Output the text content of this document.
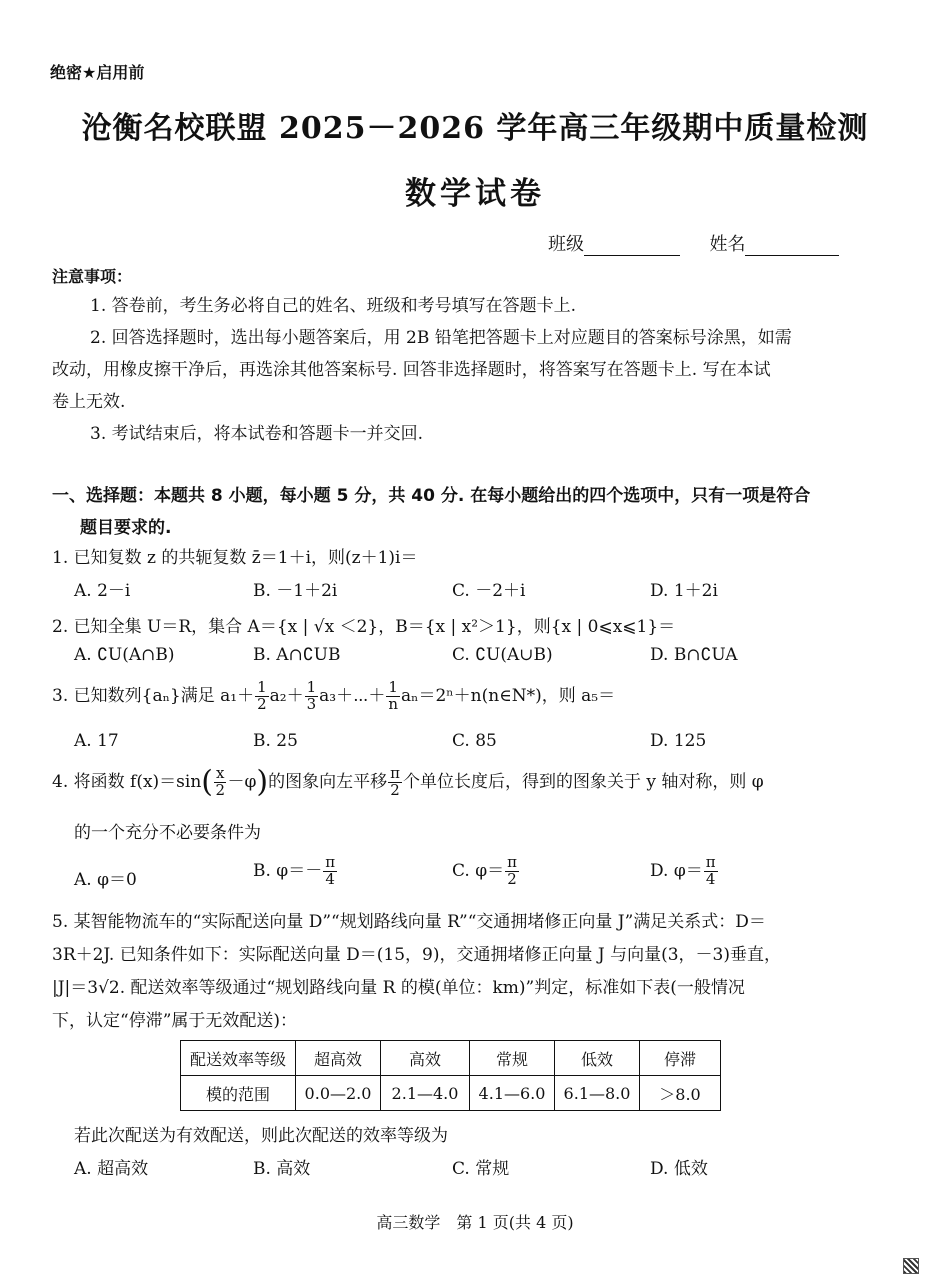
绝密★启用前
沧衡名校联盟 2025－2026 学年高三年级期中质量检测
数学试卷
班级	姓名
注意事项：
1. 答卷前，考生务必将自己的姓名、班级和考号填写在答题卡上.
2. 回答选择题时，选出每小题答案后，用 2B 铅笔把答题卡上对应题目的答案标号涂黑，如需
改动，用橡皮擦干净后，再选涂其他答案标号. 回答非选择题时，将答案写在答题卡上. 写在本试
卷上无效.
3. 考试结束后，将本试卷和答题卡一并交回.
一、选择题：本题共 8 小题，每小题 5 分，共 40 分. 在每小题给出的四个选项中，只有一项是符合
题目要求的.
1. 已知复数 z 的共轭复数 z̄＝1＋i，则(z＋1)i＝
A. 2－i	B. －1＋2i	C. －2＋i	D. 1＋2i
2. 已知全集 U＝R，集合 A＝{x | √x ＜2}，B＝{x | x²＞1}，则{x | 0⩽x⩽1}＝
A. ∁U(A∩B)	B. A∩∁UB	C. ∁U(A∪B)	D. B∩∁UA
3. 已知数列{aₙ}满足 $a_1+ \frac{1}{2} a_2+ \frac{1}{3}$ a₃＋⋯＋ $\frac{1}{n}$ aₙ＝2ⁿ＋n(n∈N*)，则 a₅＝
A. 17	B. 25	C. 85	D. 125
4. 将函数 $f(x)=\sin( \frac{x}{2} -\varphi)$的图象向左平移 $\frac{\pi}{2}$ 个单位长度后，得到的图象关于 y 轴对称，则 φ
的一个充分不必要条件为
A. φ＝0	B. $\varphi=- \frac{\pi}{4}$	C. $\varphi= \frac{\pi}{2}$	D. $\varphi= \frac{\pi}{4}$
5. 某智能物流车的“实际配送向量 D”“规划路线向量 R”“交通拥堵修正向量 J”满足关系式：D＝
3R＋2J. 已知条件如下：实际配送向量 D＝(15，9)，交通拥堵修正向量 J 与向量(3，－3)垂直，
|J|＝3√2. 配送效率等级通过“规划路线向量 R 的模(单位：km)”判定，标准如下表(一般情况
下，认定“停滞”属于无效配送)：
配送效率等级	超高效	高效	常规	低效	停滞
模的范围	0.0—2.0	2.1—4.0	4.1—6.0	6.1—8.0	＞8.0
若此次配送为有效配送，则此次配送的效率等级为
A. 超高效	B. 高效	C. 常规	D. 低效
高三数学　第 1 页(共 4 页)
